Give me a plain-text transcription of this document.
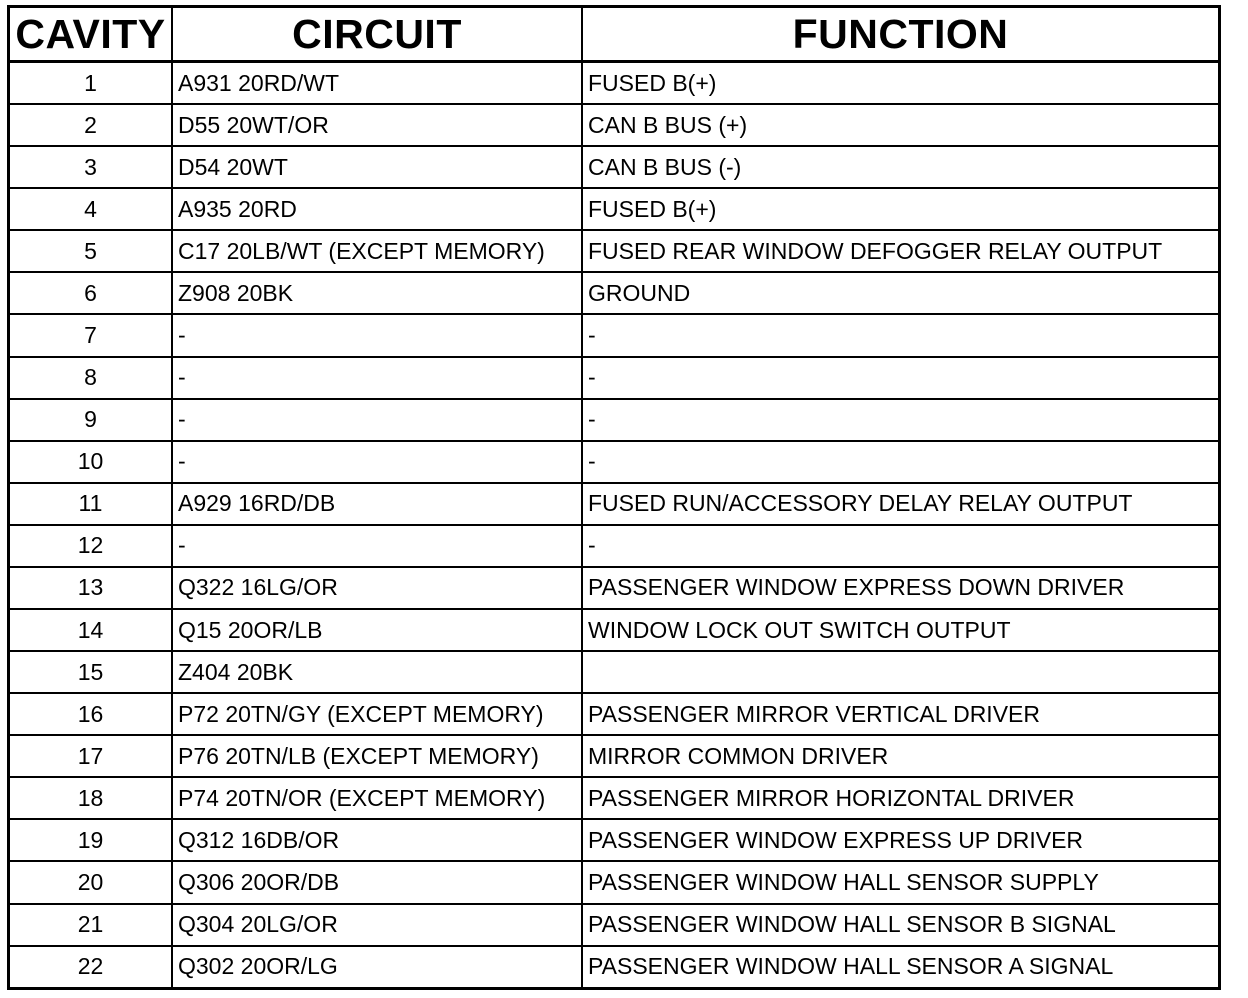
CAVITY	CIRCUIT	FUNCTION
1	A931 20RD/WT	FUSED B(+)
2	D55 20WT/OR	CAN B BUS (+)
3	D54 20WT	CAN B BUS (-)
4	A935 20RD	FUSED B(+)
5	C17 20LB/WT (EXCEPT MEMORY)	FUSED REAR WINDOW DEFOGGER RELAY OUTPUT
6	Z908 20BK	GROUND
7	-	-
8	-	-
9	-	-
10	-	-
11	A929 16RD/DB	FUSED RUN/ACCESSORY DELAY RELAY OUTPUT
12	-	-
13	Q322 16LG/OR	PASSENGER WINDOW EXPRESS DOWN DRIVER
14	Q15 20OR/LB	WINDOW LOCK OUT SWITCH OUTPUT
15	Z404 20BK	
16	P72 20TN/GY (EXCEPT MEMORY)	PASSENGER MIRROR VERTICAL DRIVER
17	P76 20TN/LB (EXCEPT MEMORY)	MIRROR COMMON DRIVER
18	P74 20TN/OR (EXCEPT MEMORY)	PASSENGER MIRROR HORIZONTAL DRIVER
19	Q312 16DB/OR	PASSENGER WINDOW EXPRESS UP DRIVER
20	Q306 20OR/DB	PASSENGER WINDOW HALL SENSOR SUPPLY
21	Q304 20LG/OR	PASSENGER WINDOW HALL SENSOR B SIGNAL
22	Q302 20OR/LG	PASSENGER WINDOW HALL SENSOR A SIGNAL
